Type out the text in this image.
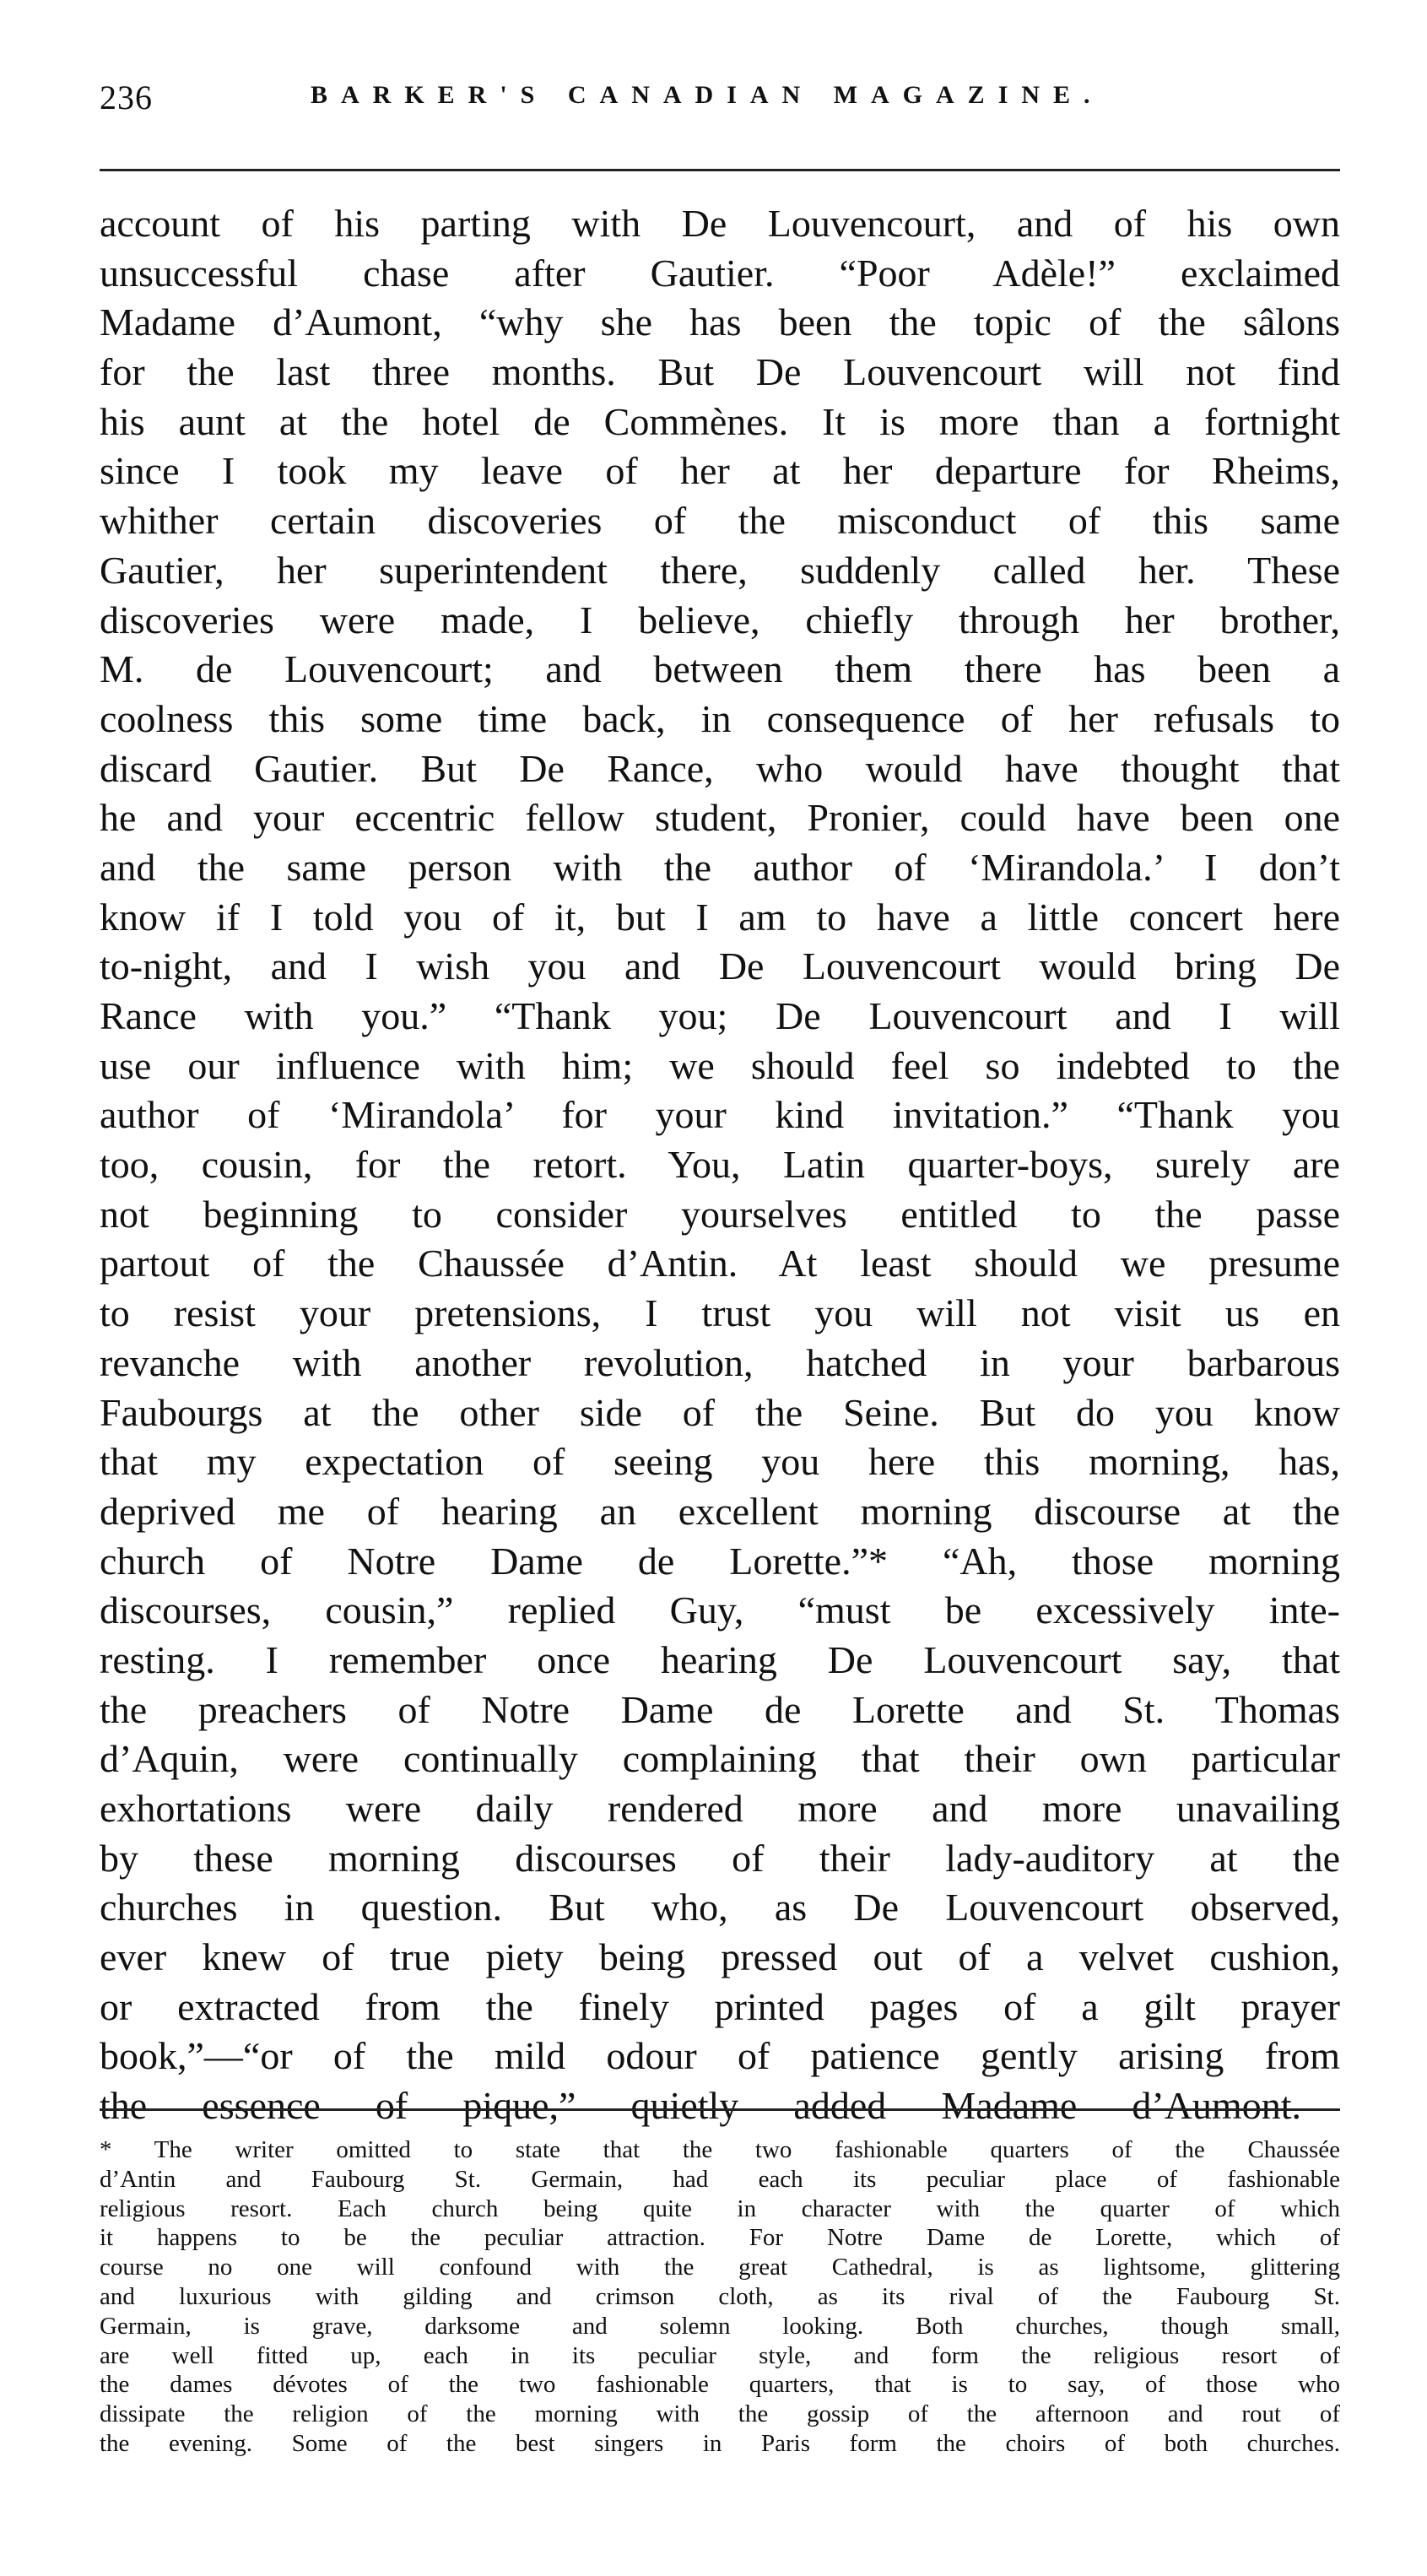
236	BARKER'S CANADIAN MAGAZINE.
account of his parting with De Louvencourt, and of his own
unsuccessful chase after Gautier. “Poor Adèle!” exclaimed
Madame d’Aumont, “why she has been the topic of the sâlons
for the last three months. But De Louvencourt will not find
his aunt at the hotel de Commènes. It is more than a fortnight
since I took my leave of her at her departure for Rheims,
whither certain discoveries of the misconduct of this same
Gautier, her superintendent there, suddenly called her. These
discoveries were made, I believe, chiefly through her brother,
M. de Louvencourt; and between them there has been a
coolness this some time back, in consequence of her refusals to
discard Gautier. But De Rance, who would have thought that
he and your eccentric fellow student, Pronier, could have been one
and the same person with the author of ‘Mirandola.’ I don’t
know if I told you of it, but I am to have a little concert here
to-night, and I wish you and De Louvencourt would bring De
Rance with you.” “Thank you; De Louvencourt and I will
use our influence with him; we should feel so indebted to the
author of ‘Mirandola’ for your kind invitation.” “Thank you
too, cousin, for the retort. You, Latin quarter-boys, surely are
not beginning to consider yourselves entitled to the passe
partout of the Chaussée d’Antin. At least should we presume
to resist your pretensions, I trust you will not visit us en
revanche with another revolution, hatched in your barbarous
Faubourgs at the other side of the Seine. But do you know
that my expectation of seeing you here this morning, has,
deprived me of hearing an excellent morning discourse at the
church of Notre Dame de Lorette.”* “Ah, those morning
discourses, cousin,” replied Guy, “must be excessively inte-
resting. I remember once hearing De Louvencourt say, that
the preachers of Notre Dame de Lorette and St. Thomas
d’Aquin, were continually complaining that their own particular
exhortations were daily rendered more and more unavailing
by these morning discourses of their lady-auditory at the
churches in question. But who, as De Louvencourt observed,
ever knew of true piety being pressed out of a velvet cushion,
or extracted from the finely printed pages of a gilt prayer
book,”—“or of the mild odour of patience gently arising from
the essence of pique,” quietly added Madame d’Aumont.—
* The writer omitted to state that the two fashionable quarters of the Chaussée
d’Antin and Faubourg St. Germain, had each its peculiar place of fashionable
religious resort. Each church being quite in character with the quarter of which
it happens to be the peculiar attraction. For Notre Dame de Lorette, which of
course no one will confound with the great Cathedral, is as lightsome, glittering
and luxurious with gilding and crimson cloth, as its rival of the Faubourg St.
Germain, is grave, darksome and solemn looking. Both churches, though small,
are well fitted up, each in its peculiar style, and form the religious resort of
the dames dévotes of the two fashionable quarters, that is to say, of those who
dissipate the religion of the morning with the gossip of the afternoon and rout of
the evening. Some of the best singers in Paris form the choirs of both churches.
